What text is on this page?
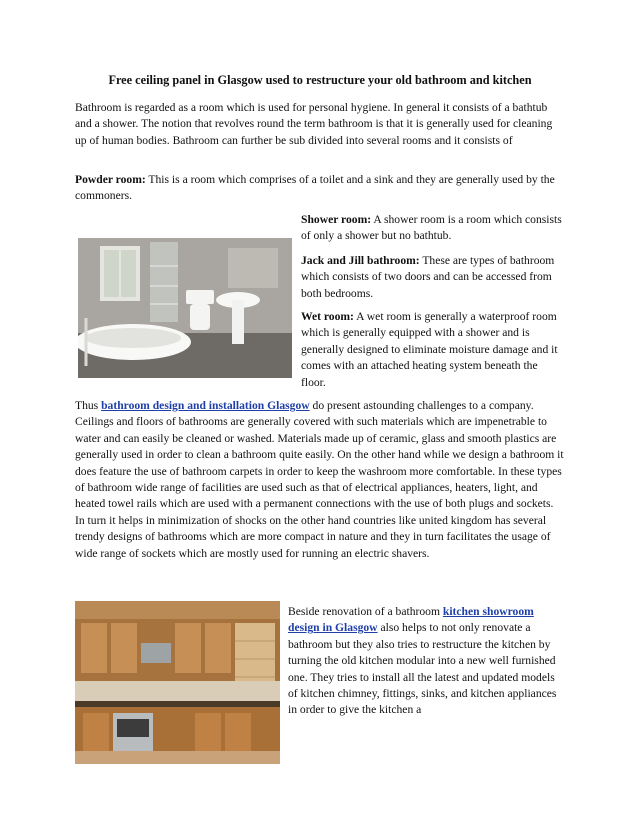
Free ceiling panel in Glasgow used to restructure your old bathroom and kitchen

Bathroom is regarded as a room which is used for personal hygiene. In general it consists of a bathtub and a shower. The notion that revolves round the term bathroom is that it is generally used for cleaning up of human bodies. Bathroom can further be sub divided into several rooms and it consists of

Powder room: This is a room which comprises of a toilet and a sink and they are generally used by the commoners.

Shower room: A shower room is a room which consists of only a shower but no bathtub.

Jack and Jill bathroom: These are types of bathroom which consists of two doors and can be accessed from both bedrooms.

Wet room: A wet room is generally a waterproof room which is generally equipped with a shower and is generally designed to eliminate moisture damage and it comes with an attached heating system beneath the floor.

Thus bathroom design and installation Glasgow do present astounding challenges to a company. Ceilings and floors of bathrooms are generally covered with such materials which are impenetrable to water and can easily be cleaned or washed. Materials made up of ceramic, glass and smooth plastics are generally used in order to clean a bathroom quite easily. On the other hand while we design a bathroom it does feature the use of bathroom carpets in order to keep the washroom more comfortable. In these types of bathroom wide range of facilities are used such as that of electrical appliances, heaters, light, and heated towel rails which are used with a permanent connections with the use of both plugs and sockets. In turn it helps in minimization of shocks on the other hand countries like united kingdom has several trendy designs of bathrooms which are more compact in nature and they in turn facilitates the usage of wide range of sockets which are mostly used for running an electric shavers.

Beside renovation of a bathroom kitchen showroom design in Glasgow also helps to not only renovate a bathroom but they also tries to restructure the kitchen by turning the old kitchen modular into a new well furnished one. They tries to install all the latest and updated models of kitchen chimney, fittings, sinks, and kitchen appliances in order to give the kitchen a
